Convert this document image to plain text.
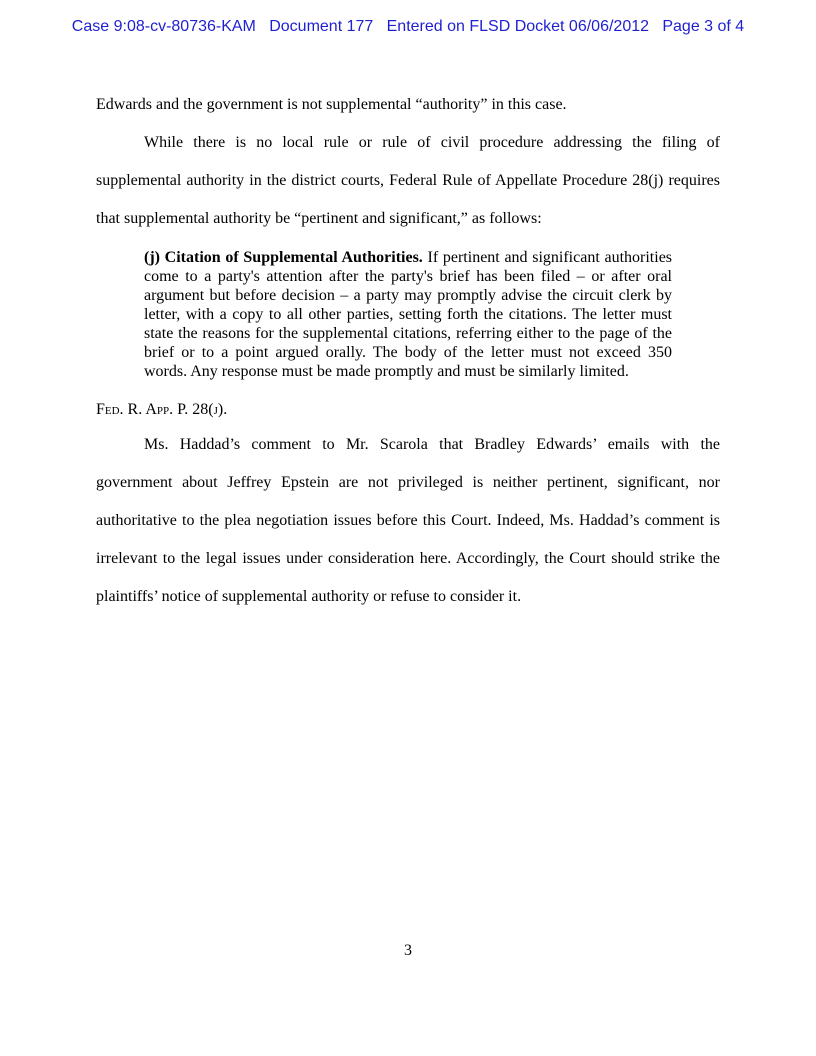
Case 9:08-cv-80736-KAM   Document 177   Entered on FLSD Docket 06/06/2012   Page 3 of 4
Edwards and the government is not supplemental “authority” in this case.
While there is no local rule or rule of civil procedure addressing the filing of supplemental authority in the district courts, Federal Rule of Appellate Procedure 28(j) requires that supplemental authority be “pertinent and significant,” as follows:
(j) Citation of Supplemental Authorities. If pertinent and significant authorities come to a party's attention after the party's brief has been filed – or after oral argument but before decision – a party may promptly advise the circuit clerk by letter, with a copy to all other parties, setting forth the citations. The letter must state the reasons for the supplemental citations, referring either to the page of the brief or to a point argued orally. The body of the letter must not exceed 350 words. Any response must be made promptly and must be similarly limited.
Fed. R. App. P. 28(j).
Ms. Haddad’s comment to Mr. Scarola that Bradley Edwards’ emails with the government about Jeffrey Epstein are not privileged is neither pertinent, significant, nor authoritative to the plea negotiation issues before this Court. Indeed, Ms. Haddad’s comment is irrelevant to the legal issues under consideration here. Accordingly, the Court should strike the plaintiffs’ notice of supplemental authority or refuse to consider it.
3
